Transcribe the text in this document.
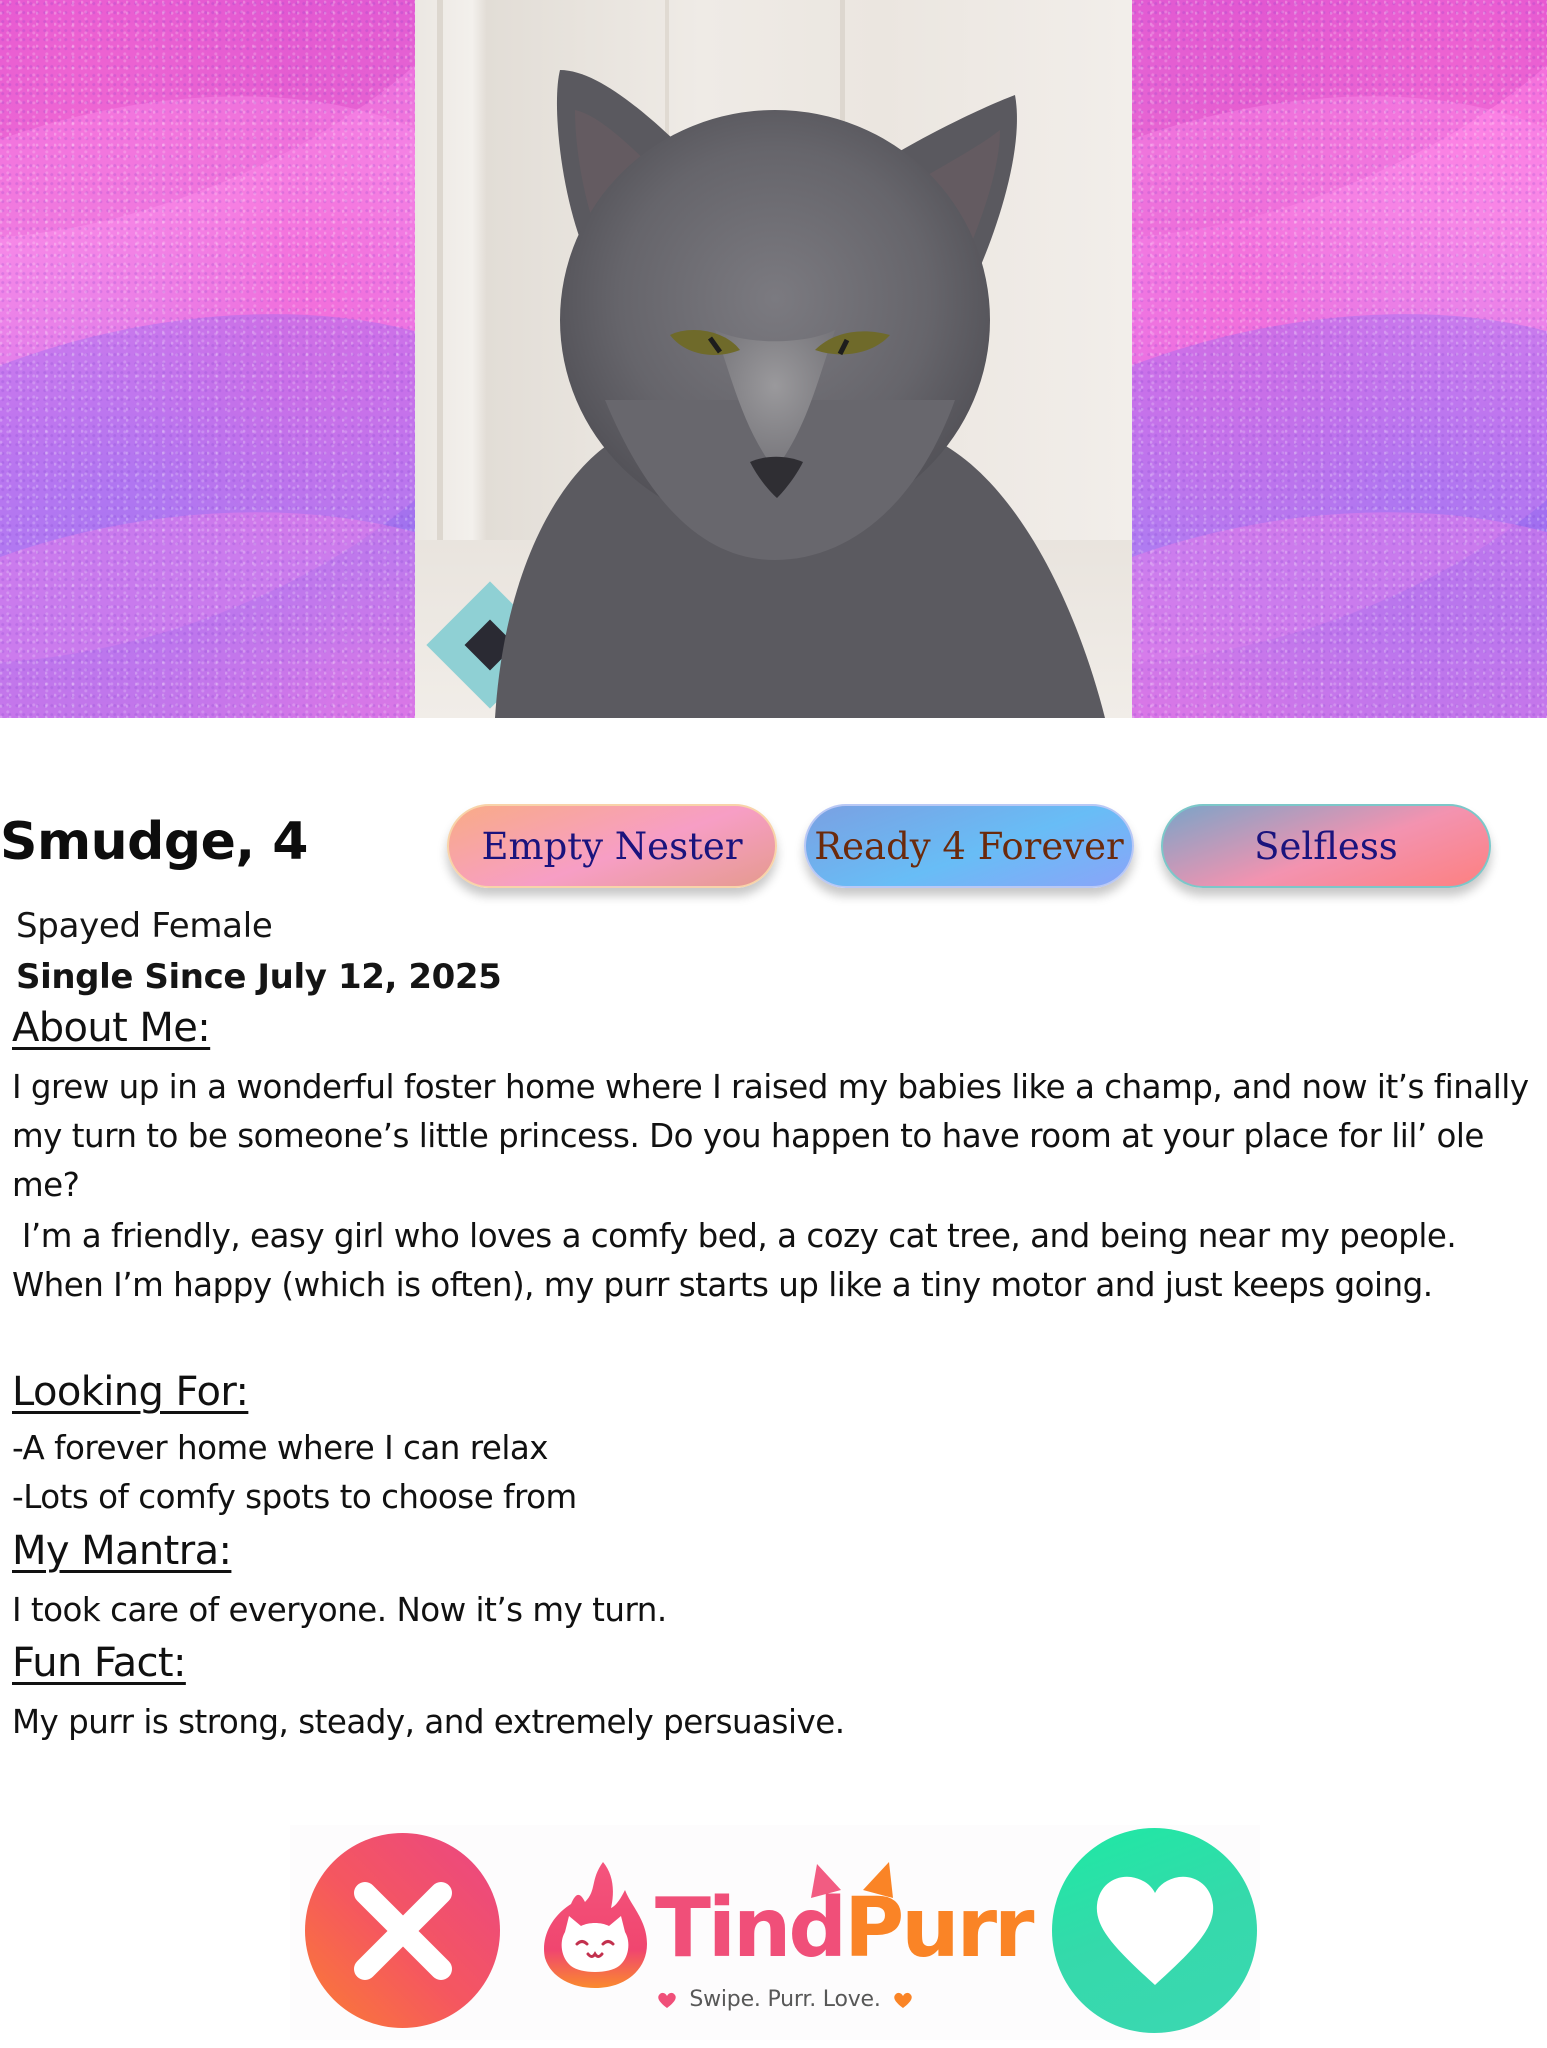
Smudge, 4	Empty Nester Ready 4 Forever	Selfless
Spayed Female
Single Since July 12, 2025
About Me:
I grew up in a wonderful foster home where I raised my babies like a champ, and now it’s finally my turn to be someone’s little princess. Do you happen to have room at your place for lil’ ole me?
I’m a friendly, easy girl who loves a comfy bed, a cozy cat tree, and being near my people. When I’m happy (which is often), my purr starts up like a tiny motor and just keeps going.
Looking For:
-A forever home where I can relax
-Lots of comfy spots to choose from
My Mantra:
I took care of everyone. Now it’s my turn.
Fun Fact:
My purr is strong, steady, and extremely persuasive.
TindPurr
Swipe. Purr. Love.
